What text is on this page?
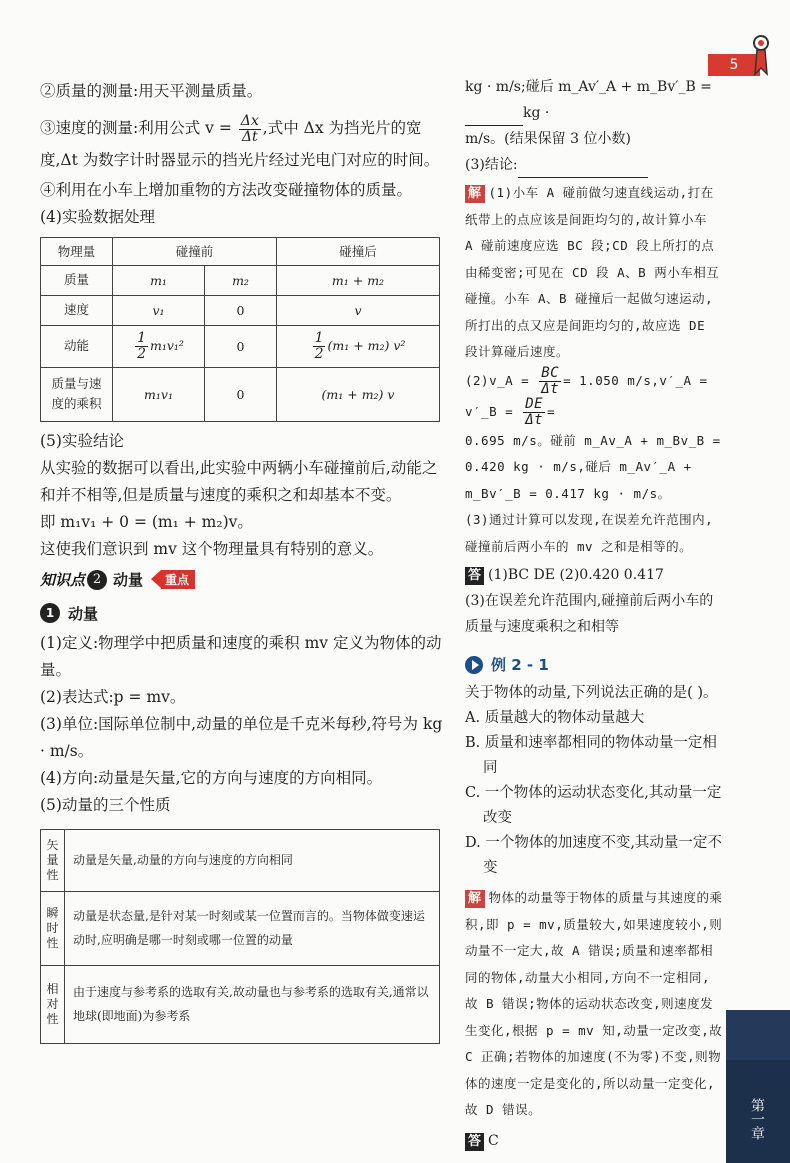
5
②质量的测量:用天平测量质量。
③速度的测量:利用公式 $v = \frac{\Delta x}{\Delta t}$ ,式中 Δx 为挡光片的宽度,Δt 为数字计时器显示的挡光片经过光电门对应的时间。
④利用在小车上增加重物的方法改变碰撞物体的质量。
(4)实验数据处理
物理量	碰撞前		碰撞后
质量	m₁	m₂	m₁ + m₂
速度	v₁	0	v
动能	$\frac{1}{2} m_1v_1^2$	0	$\frac{1}{2} (m_1 + m_2)$ v²
质量与速度的乘积	m₁v₁	0	(m₁ + m₂) v
(5)实验结论
从实验的数据可以看出,此实验中两辆小车碰撞前后,动能之和并不相等,但是质量与速度的乘积之和却基本不变。
即 m₁v₁ + 0 = (m₁ + m₂)v。
这使我们意识到 mv 这个物理量具有特别的意义。
知识点 2 动量	重点
1 动量
(1)定义:物理学中把质量和速度的乘积 mv 定义为物体的动量。
(2)表达式:p = mv。
(3)单位:国际单位制中,动量的单位是千克米每秒,符号为 kg · m/s。
(4)方向:动量是矢量,它的方向与速度的方向相同。
(5)动量的三个性质
矢量性	动量是矢量,动量的方向与速度的方向相同
瞬时性	动量是状态量,是针对某一时刻或某一位置而言的。当物体做变速运动时,应明确是哪一时刻或哪一位置的动量
相对性	由于速度与参考系的选取有关,故动量也与参考系的选取有关,通常以地球(即地面)为参考系
kg · m/s;碰后 m_Av′_A + m_Bv′_B = kg ·
m/s。(结果保留 3 位小数)
(3)结论:
解 (1)小车 A 碰前做匀速直线运动,打在纸带上的点应该是间距均匀的,故计算小车 A 碰前速度应选 BC 段;CD 段上所打的点由稀变密;可见在 CD 段 A、B 两小车相互碰撞。小车 A、B 碰撞后一起做匀速运动,所打出的点又应是间距均匀的,故应选 DE 段计算碰后速度。
(2)v_A = $\frac{BC}{\Delta t} = 1.050$ m/s,v′_A = v′_B = $\frac{DE}{\Delta t}$ =
0.695 m/s。碰前 m_Av_A + m_Bv_B = 0.420 kg · m/s,碰后 m_Av′_A + m_Bv′_B = 0.417 kg · m/s。
(3)通过计算可以发现,在误差允许范围内,碰撞前后两小车的 mv 之和是相等的。
答 (1)BC DE (2)0.420 0.417
(3)在误差允许范围内,碰撞前后两小车的质量与速度乘积之和相等
例 2 - 1
关于物体的动量,下列说法正确的是( )。
A. 质量越大的物体动量越大
B. 质量和速率都相同的物体动量一定相同
C. 一个物体的运动状态变化,其动量一定改变
D. 一个物体的加速度不变,其动量一定不变
解 物体的动量等于物体的质量与其速度的乘积,即 p = mv,质量较大,如果速度较小,则动量不一定大,故 A 错误;质量和速率都相同的物体,动量大小相同,方向不一定相同,故 B 错误;物体的运动状态改变,则速度发生变化,根据 p = mv 知,动量一定改变,故 C 正确;若物体的加速度(不为零)不变,则物体的速度一定是变化的,所以动量一定变化,故 D 错误。
答 C
第一章
